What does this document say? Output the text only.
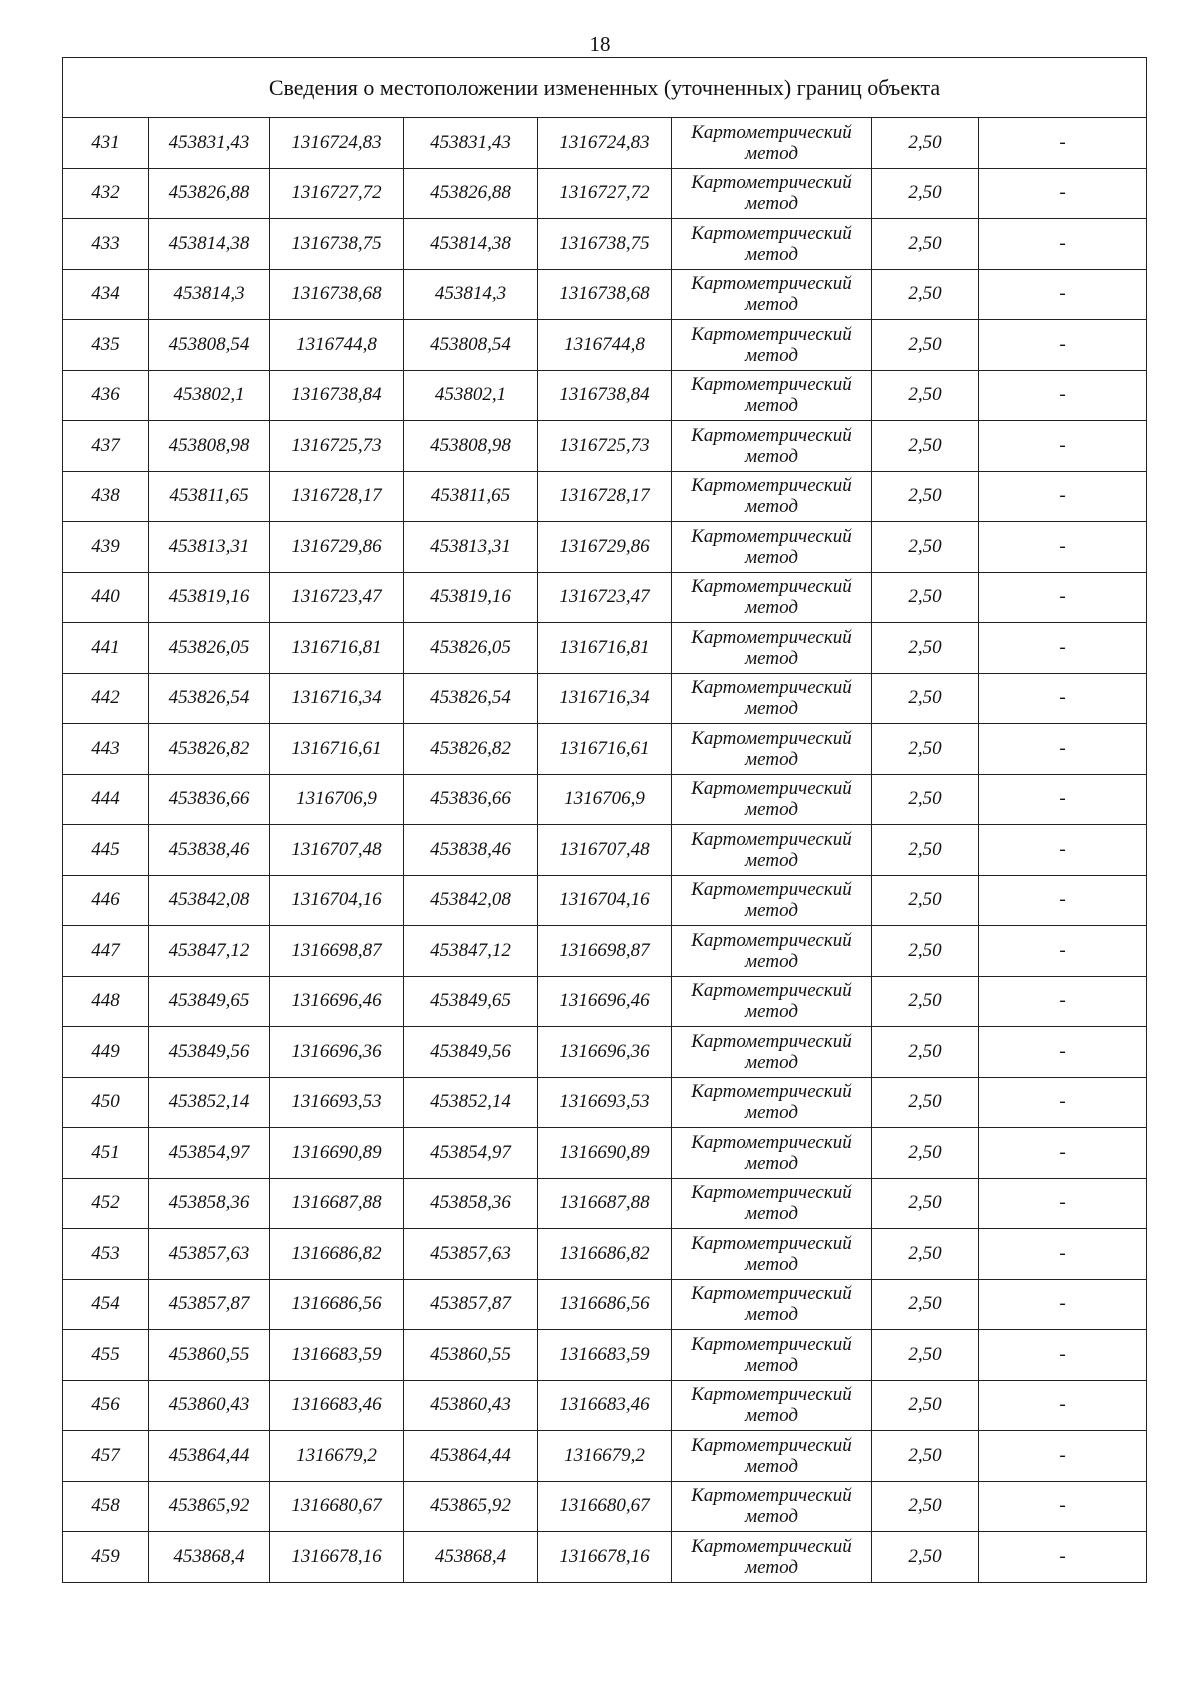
18
Сведения о местоположении измененных (уточненных) границ объекта							
431	453831,43	1316724,83	453831,43	1316724,83	Картометрический метод	2,50	-
432	453826,88	1316727,72	453826,88	1316727,72	Картометрический метод	2,50	-
433	453814,38	1316738,75	453814,38	1316738,75	Картометрический метод	2,50	-
434	453814,3	1316738,68	453814,3	1316738,68	Картометрический метод	2,50	-
435	453808,54	1316744,8	453808,54	1316744,8	Картометрический метод	2,50	-
436	453802,1	1316738,84	453802,1	1316738,84	Картометрический метод	2,50	-
437	453808,98	1316725,73	453808,98	1316725,73	Картометрический метод	2,50	-
438	453811,65	1316728,17	453811,65	1316728,17	Картометрический метод	2,50	-
439	453813,31	1316729,86	453813,31	1316729,86	Картометрический метод	2,50	-
440	453819,16	1316723,47	453819,16	1316723,47	Картометрический метод	2,50	-
441	453826,05	1316716,81	453826,05	1316716,81	Картометрический метод	2,50	-
442	453826,54	1316716,34	453826,54	1316716,34	Картометрический метод	2,50	-
443	453826,82	1316716,61	453826,82	1316716,61	Картометрический метод	2,50	-
444	453836,66	1316706,9	453836,66	1316706,9	Картометрический метод	2,50	-
445	453838,46	1316707,48	453838,46	1316707,48	Картометрический метод	2,50	-
446	453842,08	1316704,16	453842,08	1316704,16	Картометрический метод	2,50	-
447	453847,12	1316698,87	453847,12	1316698,87	Картометрический метод	2,50	-
448	453849,65	1316696,46	453849,65	1316696,46	Картометрический метод	2,50	-
449	453849,56	1316696,36	453849,56	1316696,36	Картометрический метод	2,50	-
450	453852,14	1316693,53	453852,14	1316693,53	Картометрический метод	2,50	-
451	453854,97	1316690,89	453854,97	1316690,89	Картометрический метод	2,50	-
452	453858,36	1316687,88	453858,36	1316687,88	Картометрический метод	2,50	-
453	453857,63	1316686,82	453857,63	1316686,82	Картометрический метод	2,50	-
454	453857,87	1316686,56	453857,87	1316686,56	Картометрический метод	2,50	-
455	453860,55	1316683,59	453860,55	1316683,59	Картометрический метод	2,50	-
456	453860,43	1316683,46	453860,43	1316683,46	Картометрический метод	2,50	-
457	453864,44	1316679,2	453864,44	1316679,2	Картометрический метод	2,50	-
458	453865,92	1316680,67	453865,92	1316680,67	Картометрический метод	2,50	-
459	453868,4	1316678,16	453868,4	1316678,16	Картометрический метод	2,50	-
